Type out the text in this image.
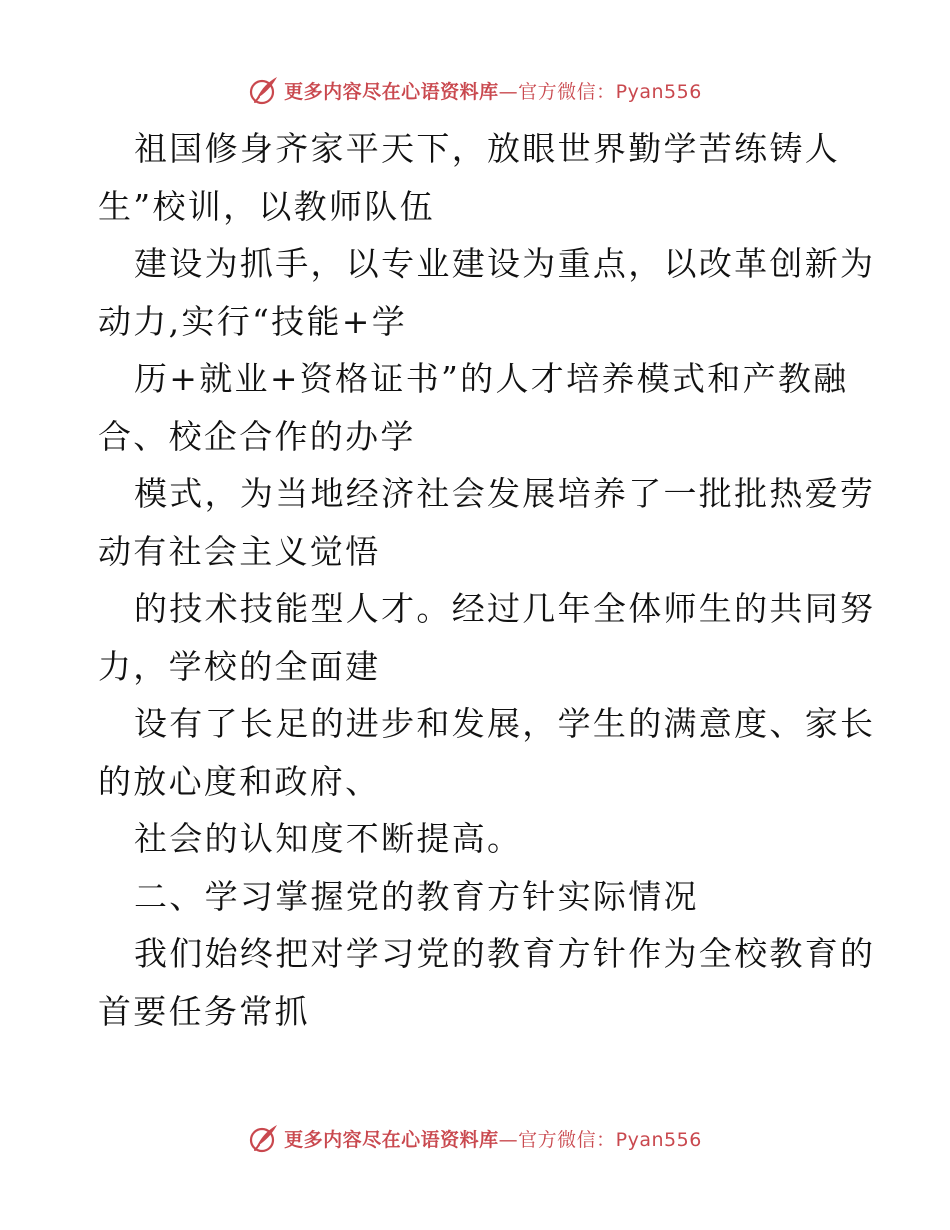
更多内容尽在心语资料库 —官方微信：Pyan556
祖国修身齐家平天下，放眼世界勤学苦练铸人
生”校训，以教师队伍
建设为抓手，以专业建设为重点，以改革创新为
动力,实行“技能+学
历+就业+资格证书”的人才培养模式和产教融
合、校企合作的办学
模式，为当地经济社会发展培养了一批批热爱劳
动有社会主义觉悟
的技术技能型人才。经过几年全体师生的共同努
力，学校的全面建
设有了长足的进步和发展，学生的满意度、家长
的放心度和政府、
社会的认知度不断提高。
二、学习掌握党的教育方针实际情况
我们始终把对学习党的教育方针作为全校教育的
首要任务常抓
更多内容尽在心语资料库 —官方微信：Pyan556
